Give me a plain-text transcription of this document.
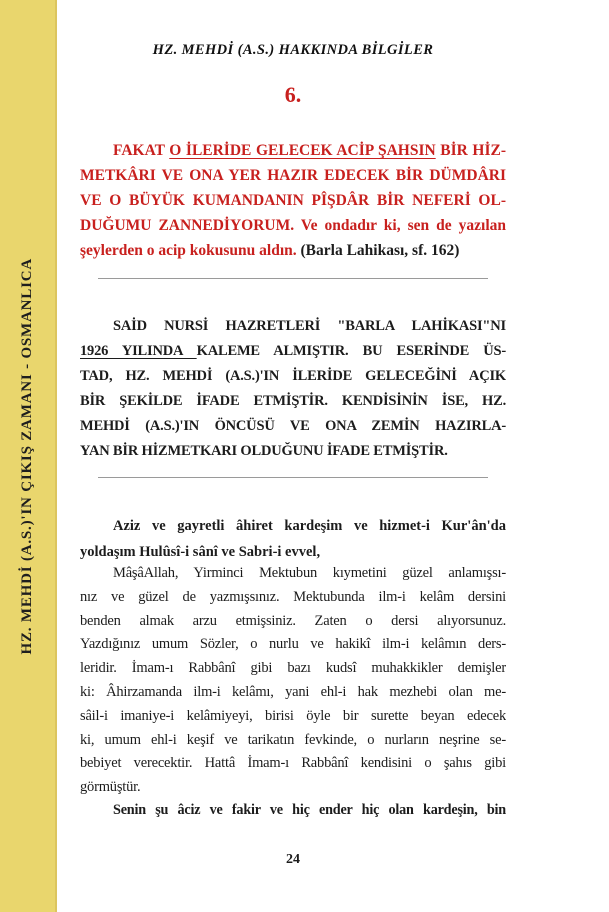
HZ. MEHDİ (A.S.)'IN ÇIKIŞ ZAMANI - OSMANLICA
HZ. MEHDİ (A.S.) HAKKINDA BİLGİLER
6.
FAKAT O İLERİDE GELECEK ACİP ŞAHSIN BİR HİZ-
METKÂRI VE ONA YER HAZIR EDECEK BİR DÜMDÂRI
VE O BÜYÜK KUMANDANIN PÎŞDÂR BİR NEFERİ OL-
DUĞUMU ZANNEDİYORUM. Ve ondadır ki, sen de yazılan
şeylerden o acip kokusunu aldın. (Barla Lahikası, sf. 162)
SAİD NURSİ HAZRETLERİ "BARLA LAHİKASI"NI
1926 YILINDA KALEME ALMIŞTIR. BU ESERİNDE ÜS-
TAD, HZ. MEHDİ (A.S.)'IN İLERİDE GELECEĞİNİ AÇIK
BİR ŞEKİLDE İFADE ETMİŞTİR. KENDİSİNİN İSE, HZ.
MEHDİ (A.S.)'IN ÖNCÜSÜ VE ONA ZEMİN HAZIRLA-
YAN BİR HİZMETKARI OLDUĞUNU İFADE ETMİŞTİR.
Aziz ve gayretli âhiret kardeşim ve hizmet-i Kur'ân'da
yoldaşım Hulûsî-i sânî ve Sabri-i evvel,
MâşâAllah, Yirminci Mektubun kıymetini güzel anlamışsı-
nız ve güzel de yazmışsınız. Mektubunda ilm-i kelâm dersini
benden almak arzu etmişsiniz. Zaten o dersi alıyorsunuz.
Yazdığınız umum Sözler, o nurlu ve hakikî ilm-i kelâmın ders-
leridir. İmam-ı Rabbânî gibi bazı kudsî muhakkikler demişler
ki: Âhirzamanda ilm-i kelâmı, yani ehl-i hak mezhebi olan me-
sâil-i imaniye-i kelâmiyeyi, birisi öyle bir surette beyan edecek
ki, umum ehl-i keşif ve tarikatın fevkinde, o nurların neşrine se-
bebiyet verecektir. Hattâ İmam-ı Rabbânî kendisini o şahıs gibi
görmüştür.
Senin şu âciz ve fakir ve hiç ender hiç olan kardeşin, bin
24
